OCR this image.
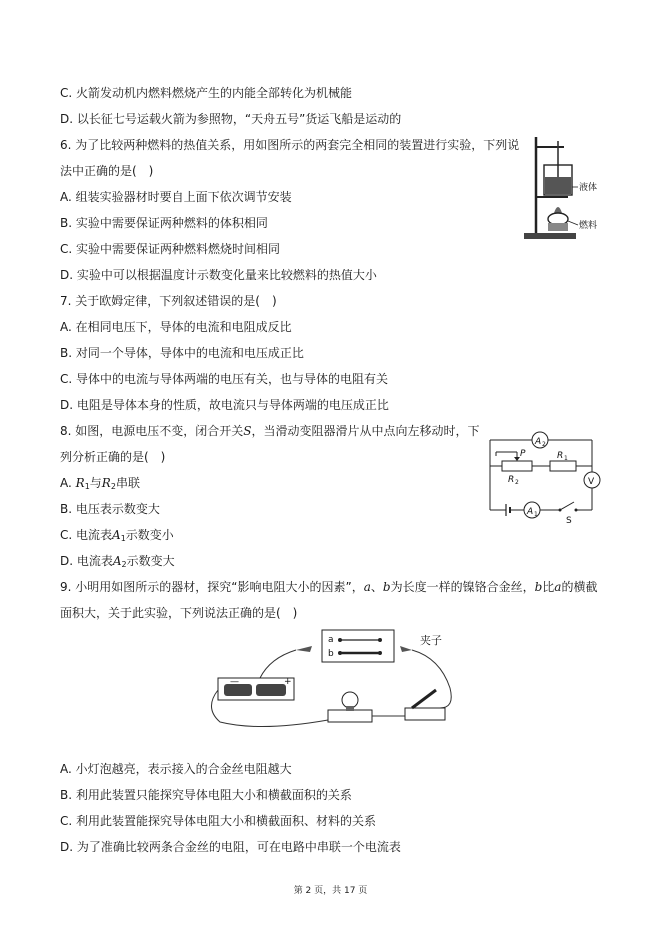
C. 火箭发动机内燃料燃烧产生的内能全部转化为机械能
D. 以长征七号运载火箭为参照物，“天舟五号”货运飞船是运动的
6. 为了比较两种燃料的热值关系，用如图所示的两套完全相同的装置进行实验，下列说
法中正确的是(　)
A. 组装实验器材时要自上面下依次调节安装
B. 实验中需要保证两种燃料的体积相同
C. 实验中需要保证两种燃料燃烧时间相同
D. 实验中可以根据温度计示数变化量来比较燃料的热值大小
液体
燃料
7. 关于欧姆定律，下列叙述错误的是(　)
A. 在相同电压下，导体的电流和电阻成反比
B. 对同一个导体，导体中的电流和电压成正比
C. 导体中的电流与导体两端的电压有关，也与导体的电阻有关
D. 电阻是导体本身的性质，故电流只与导体两端的电压成正比
8. 如图，电源电压不变，闭合开关S，当滑动变阻器滑片从中点向左移动时，下
列分析正确的是(　)
A. $R_1$与$R_2$串联
B. 电压表示数变大
C. 电流表$A_1$示数变小
D. 电流表$A_2$示数变大
A 2
P	R 1
R 2	V
A 1
S
9. 小明用如图所示的器材，探究“影响电阻大小的因素”，a、b为长度一样的镍铬合金丝，b比a的横截
面积大，关于此实验，下列说法正确的是(　)
a
b
夹子
—	+
A. 小灯泡越亮，表示接入的合金丝电阻越大
B. 利用此装置只能探究导体电阻大小和横截面积的关系
C. 利用此装置能探究导体电阻大小和横截面积、材料的关系
D. 为了准确比较两条合金丝的电阻，可在电路中串联一个电流表
第 2 页，共 17 页
